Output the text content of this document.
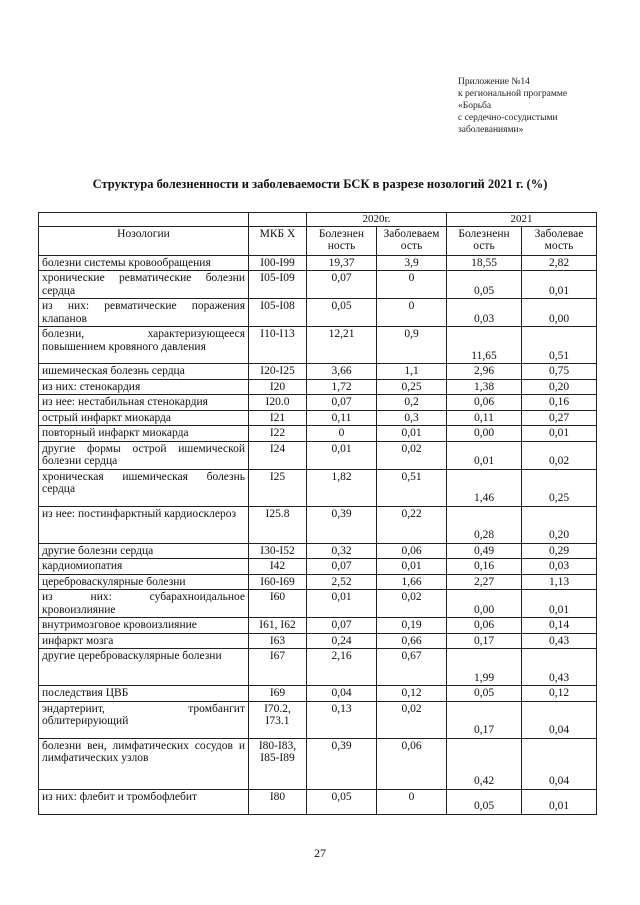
Приложение №14
к региональной программе
«Борьба
с сердечно-сосудистыми
заболеваниями»
Структура болезненности и заболеваемости БСК в разрезе нозологий 2021 г. (%)
		2020г.		2021	
Нозологии	МКБ X	Болезнен ность	Заболеваем ость	Болезненн ость	Заболевае мость
болезни системы кровообращения	I00-I99	19,37	3,9	18,55	2,82
хронические ревматические болезни сердца	I05-I09	0,07	0	0,05	0,01
из них: ревматические поражения клапанов	I05-I08	0,05	0	0,03	0,00
болезни, характеризующееся повышением кровяного давления	I10-I13	12,21	0,9	11,65	0,51
ишемическая болезнь сердца	I20-I25	3,66	1,1	2,96	0,75
из них: стенокардия	I20	1,72	0,25	1,38	0,20
из нее: нестабильная стенокардия	I20.0	0,07	0,2	0,06	0,16
острый инфаркт миокарда	I21	0,11	0,3	0,11	0,27
повторный инфаркт миокарда	I22	0	0,01	0,00	0,01
другие формы острой ишемической болезни сердца	I24	0,01	0,02	0,01	0,02
хроническая ишемическая болезнь сердца	I25	1,82	0,51	1,46	0,25
из нее: постинфарктный кардиосклероз	I25.8	0,39	0,22	0,28	0,20
другие болезни сердца	I30-I52	0,32	0,06	0,49	0,29
кардиомиопатия	I42	0,07	0,01	0,16	0,03
цереброваскулярные болезни	I60-I69	2,52	1,66	2,27	1,13
из них: субарахноидальное кровоизлияние	I60	0,01	0,02	0,00	0,01
внутримозговое кровоизлияние	I61, I62	0,07	0,19	0,06	0,14
инфаркт мозга	I63	0,24	0,66	0,17	0,43
другие цереброваскулярные болезни	I67	2,16	0,67	1,99	0,43
последствия ЦВБ	I69	0,04	0,12	0,05	0,12
эндартериит, тромбангит облитерирующий	I70.2, I73.1	0,13	0,02	0,17	0,04
болезни вен, лимфатических сосудов и лимфатических узлов	I80-I83, I85-I89	0,39	0,06	0,42	0,04
из них: флебит и тромбофлебит	I80	0,05	0	0,05	0,01
27
